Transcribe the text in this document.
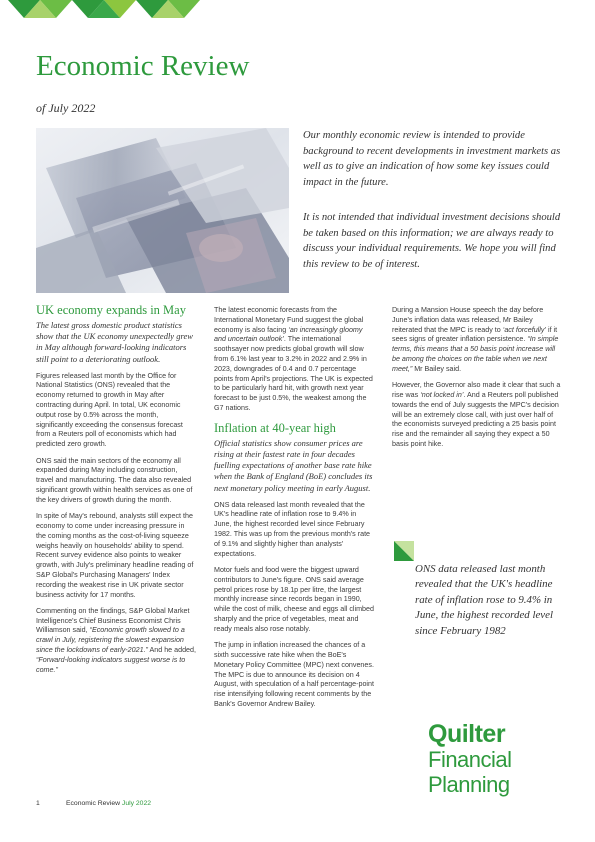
Economic Review
of July 2022

Our monthly economic review is intended to provide background to recent developments in investment markets as well as to give an indication of how some key issues could impact in the future.

It is not intended that individual investment decisions should be taken based on this information; we are always ready to discuss your individual requirements. We hope you will find this review to be of interest.

UK economy expands in May

The latest gross domestic product statistics show that the UK economy unexpectedly grew in May although forward-looking indicators still point to a deteriorating outlook.

Figures released last month by the Office for National Statistics (ONS) revealed that the economy returned to growth in May after contracting during April. In total, UK economic output rose by 0.5% across the month, significantly exceeding the consensus forecast from a Reuters poll of economists which had predicted zero growth.

ONS said the main sectors of the economy all expanded during May including construction, travel and manufacturing. The data also revealed significant growth within health services as one of the key drivers of growth during the month.

In spite of May's rebound, analysts still expect the economy to come under increasing pressure in the coming months as the cost-of-living squeeze weighs heavily on households' ability to spend. Recent survey evidence also points to weaker growth, with July's preliminary headline reading of S&P Global's Purchasing Managers' Index recording the weakest rise in UK private sector business activity for 17 months.

Commenting on the findings, S&P Global Market Intelligence's Chief Business Economist Chris Williamson said, “Economic growth slowed to a crawl in July, registering the slowest expansion since the lockdowns of early-2021.” And he added, “Forward-looking indicators suggest worse is to come.”

The latest economic forecasts from the International Monetary Fund suggest the global economy is also facing ‘an increasingly gloomy and uncertain outlook’. The international soothsayer now predicts global growth will slow from 6.1% last year to 3.2% in 2022 and 2.9% in 2023, downgrades of 0.4 and 0.7 percentage points from April's projections. The UK is expected to be particularly hard hit, with growth next year forecast to be just 0.5%, the weakest among the G7 nations.

Inflation at 40-year high

Official statistics show consumer prices are rising at their fastest rate in four decades fuelling expectations of another base rate hike when the Bank of England (BoE) concludes its next monetary policy meeting in early August.

ONS data released last month revealed that the UK's headline rate of inflation rose to 9.4% in June, the highest recorded level since February 1982. This was up from the previous month's rate of 9.1% and slightly higher than analysts' expectations.

Motor fuels and food were the biggest upward contributors to June's figure. ONS said average petrol prices rose by 18.1p per litre, the largest monthly increase since records began in 1990, while the cost of milk, cheese and eggs all climbed sharply and the price of vegetables, meat and ready meals also rose notably.

The jump in inflation increased the chances of a sixth successive rate hike when the BoE's Monetary Policy Committee (MPC) next convenes. The MPC is due to announce its decision on 4 August, with speculation of a half percentage-point rise intensifying following recent comments by the Bank's Governor Andrew Bailey.

During a Mansion House speech the day before June's inflation data was released, Mr Bailey reiterated that the MPC is ready to ‘act forcefully’ if it sees signs of greater inflation persistence. “In simple terms, this means that a 50 basis point increase will be among the choices on the table when we next meet,” Mr Bailey said.

However, the Governor also made it clear that such a rise was ‘not locked in’. And a Reuters poll published towards the end of July suggests the MPC's decision will be an extremely close call, with just over half of the economists surveyed predicting a 25 basis point rise and the remainder all saying they expect a 50 basis point hike.

ONS data released last month revealed that the UK's headline rate of inflation rose to 9.4% in June, the highest recorded level since February 1982

Quilter
Financial
Planning
1	Economic Review July 2022
